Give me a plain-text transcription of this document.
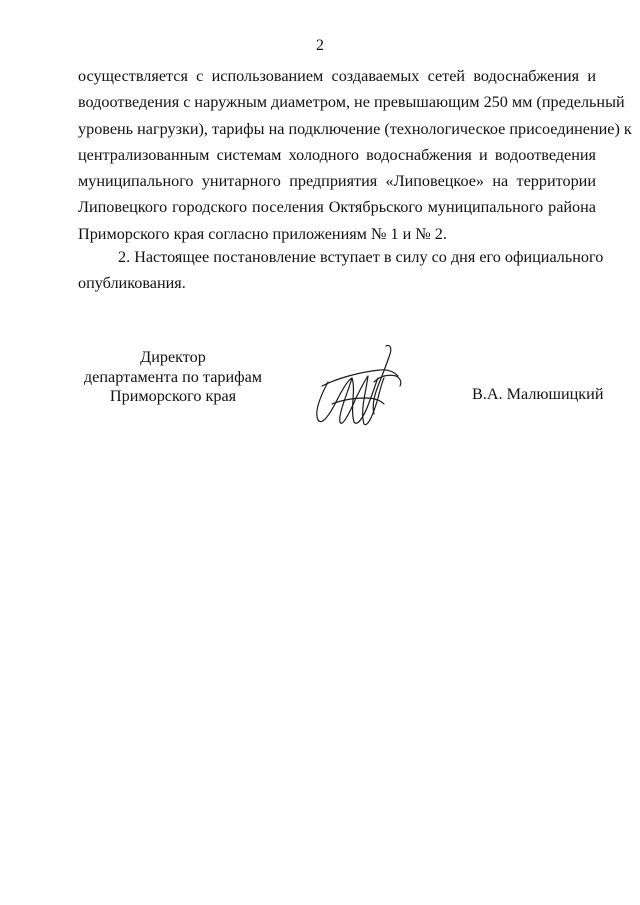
2
осуществляется с использованием создаваемых сетей водоснабжения и
водоотведения с наружным диаметром, не превышающим 250 мм (предельный
уровень нагрузки), тарифы на подключение (технологическое присоединение) к
централизованным системам холодного водоснабжения и водоотведения
муниципального унитарного предприятия «Липовецкое» на территории
Липовецкого городского поселения Октябрьского муниципального района
Приморского края согласно приложениям № 1 и № 2.
2. Настоящее постановление вступает в силу со дня его официального
опубликования.
Директор
департамента по тарифам
Приморского края	В.А. Малюшицкий
